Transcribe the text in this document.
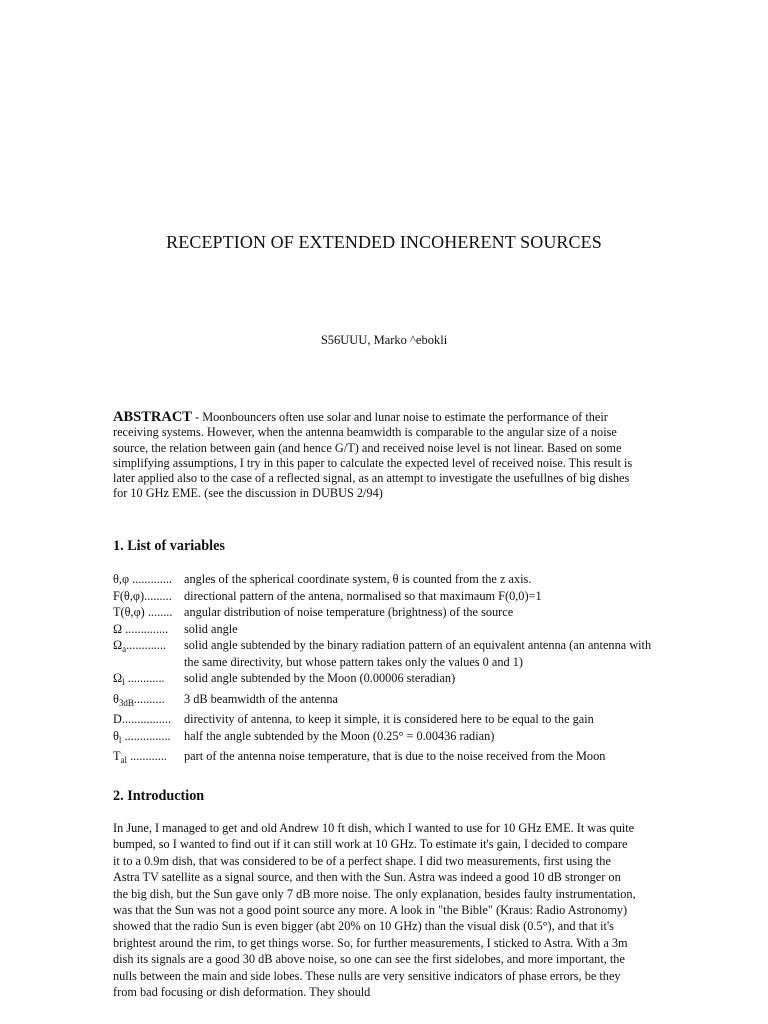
RECEPTION OF EXTENDED INCOHERENT SOURCES
S56UUU, Marko ^ebokli
ABSTRACT - Moonbouncers often use solar and lunar noise to estimate the performance of their receiving systems. However, when the antenna beamwidth is comparable to the angular size of a noise source, the relation between gain (and hence G/T) and received noise level is not linear. Based on some simplifying assumptions, I try in this paper to calculate the expected level of received noise. This result is later applied also to the case of a reflected signal, as an attempt to investigate the usefullnes of big dishes for 10 GHz EME. (see the discussion in DUBUS 2/94)
1. List of variables
θ,φ ............. angles of the spherical coordinate system, θ is counted from the z axis.
F(θ,φ)......... directional pattern of the antena, normalised so that maximaum F(0,0)=1
T(θ,φ) ........ angular distribution of noise temperature (brightness) of the source
Ω ..............	solid angle
$\Omega_a$.............	solid angle subtended by the binary radiation pattern of an equivalent antenna (an antenna with the same directivity, but whose pattern takes only the values 0 and 1)
$\Omega_l$ ............	solid angle subtended by the Moon (0.00006 steradian)
$\theta_{3dB}$..........	3 dB beamwidth of the antenna
D................	directivity of antenna, to keep it simple, it is considered here to be equal to the gain
$\theta_l$ ...............	half the angle subtended by the Moon (0.25° = 0.00436 radian)
$T_{al}$ ............	part of the antenna noise temperature, that is due to the noise received from the Moon
2. Introduction
In June, I managed to get and old Andrew 10 ft dish, which I wanted to use for 10 GHz EME. It was quite bumped, so I wanted to find out if it can still work at 10 GHz. To estimate it's gain, I decided to compare it to a 0.9m dish, that was considered to be of a perfect shape. I did two measurements, first using the Astra TV satellite as a signal source, and then with the Sun. Astra was indeed a good 10 dB stronger on the big dish, but the Sun gave only 7 dB more noise. The only explanation, besides faulty instrumentation, was that the Sun was not a good point source any more. A look in "the Bible" (Kraus: Radio Astronomy) showed that the radio Sun is even bigger (abt 20% on 10 GHz) than the visual disk (0.5°), and that it's brightest around the rim, to get things worse. So, for further measurements, I sticked to Astra. With a 3m dish its signals are a good 30 dB above noise, so one can see the first sidelobes, and more important, the nulls between the main and side lobes. These nulls are very sensitive indicators of phase errors, be they from bad focusing or dish deformation. They should
